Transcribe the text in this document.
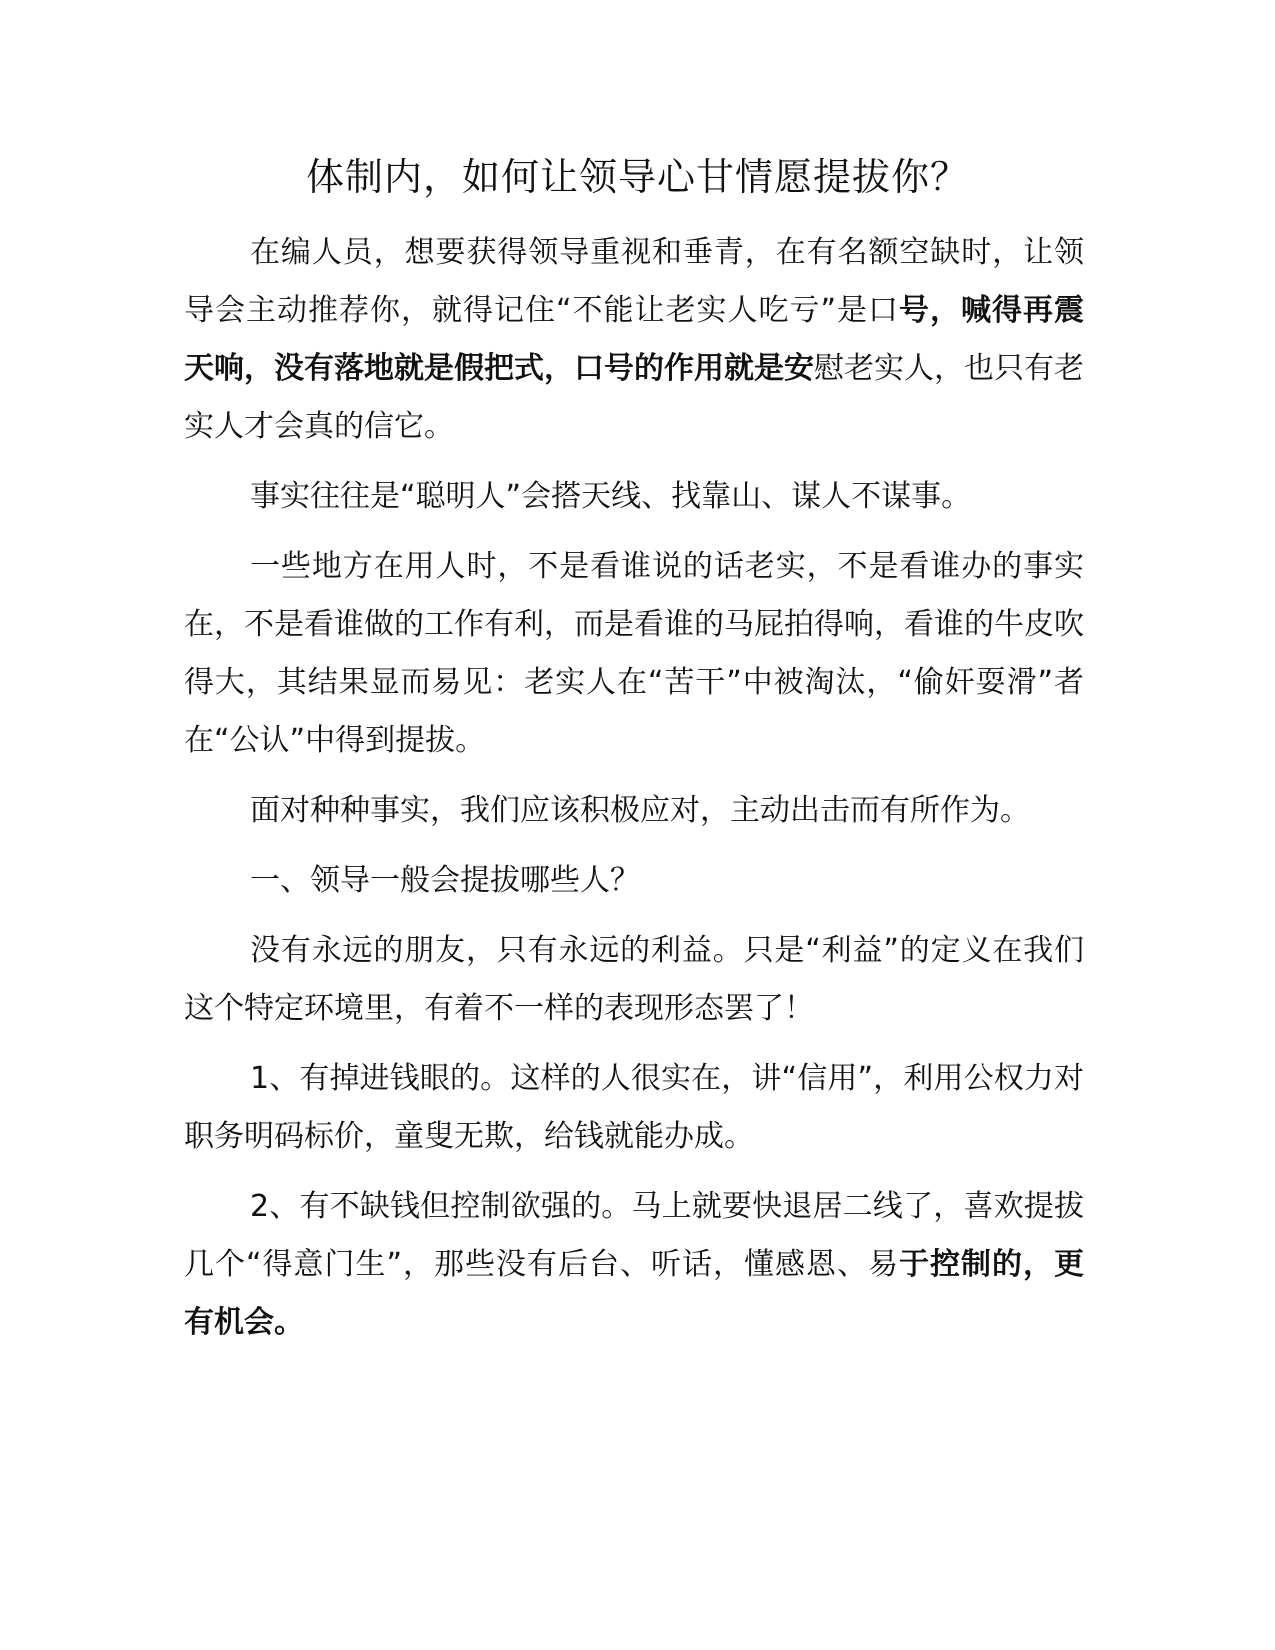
体制内，如何让领导心甘情愿提拔你？

在编人员，想要获得领导重视和垂青，在有名额空缺时，让领导会主动推荐你，就得记住“不能让老实人吃亏”是口号，喊得再震天响，没有落地就是假把式，口号的作用就是安慰老实人，也只有老实人才会真的信它。

事实往往是“聪明人”会搭天线、找靠山、谋人不谋事。

一些地方在用人时，不是看谁说的话老实，不是看谁办的事实在，不是看谁做的工作有利，而是看谁的马屁拍得响，看谁的牛皮吹得大，其结果显而易见：老实人在“苦干”中被淘汰，“偷奸耍滑”者在“公认”中得到提拔。

面对种种事实，我们应该积极应对，主动出击而有所作为。

一、领导一般会提拔哪些人？

没有永远的朋友，只有永远的利益。只是“利益”的定义在我们这个特定环境里，有着不一样的表现形态罢了！

1、有掉进钱眼的。这样的人很实在，讲“信用”，利用公权力对职务明码标价，童叟无欺，给钱就能办成。

2、有不缺钱但控制欲强的。马上就要快退居二线了，喜欢提拔几个“得意门生”，那些没有后台、听话，懂感恩、易于控制的，更有机会。
